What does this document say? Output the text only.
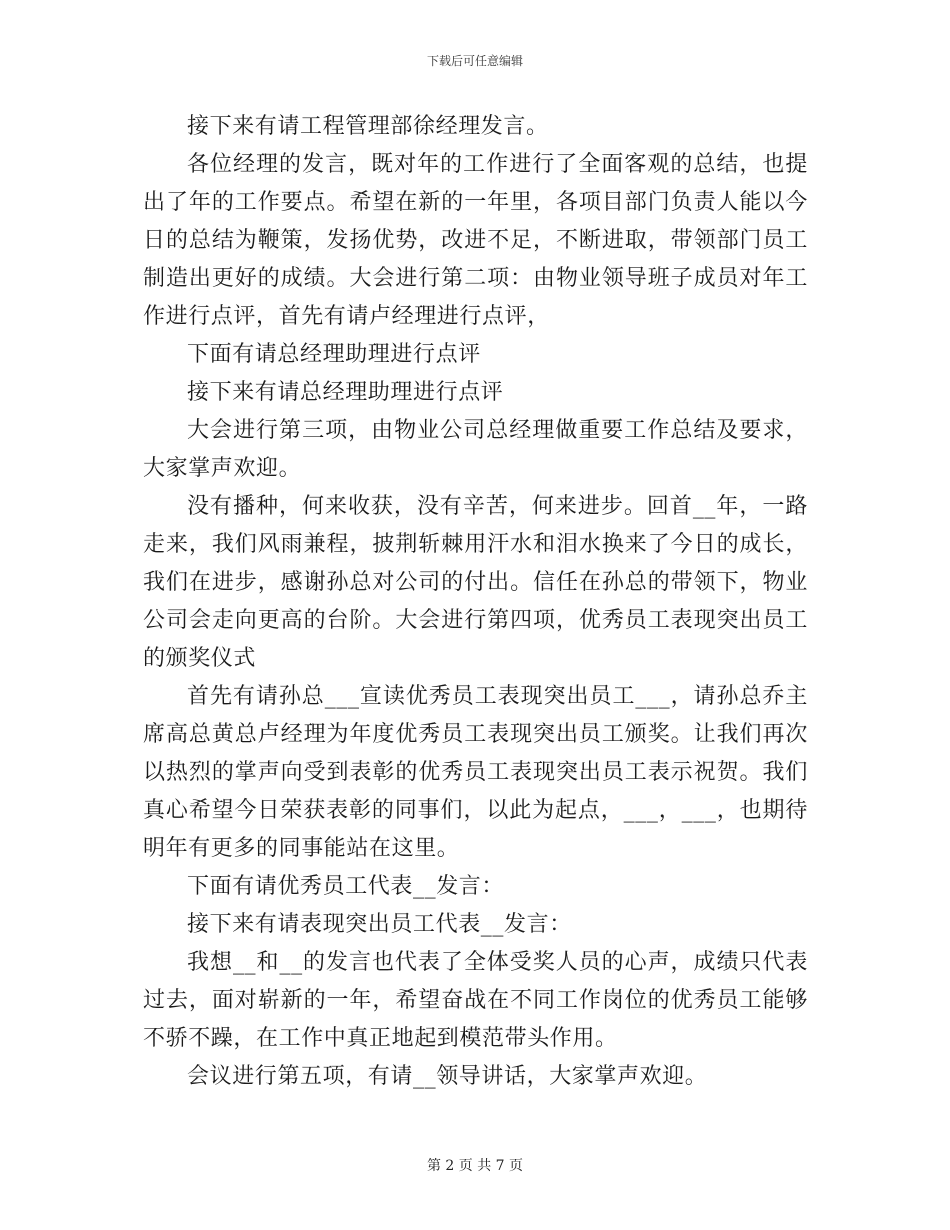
下载后可任意编辑

接下来有请工程管理部徐经理发言。

各位经理的发言，既对年的工作进行了全面客观的总结，也提出了年的工作要点。希望在新的一年里，各项目部门负责人能以今日的总结为鞭策，发扬优势，改进不足，不断进取，带领部门员工制造出更好的成绩。大会进行第二项：由物业领导班子成员对年工作进行点评，首先有请卢经理进行点评，

下面有请总经理助理进行点评

接下来有请总经理助理进行点评

大会进行第三项，由物业公司总经理做重要工作总结及要求，大家掌声欢迎。

没有播种，何来收获，没有辛苦，何来进步。回首__年，一路走来，我们风雨兼程，披荆斩棘用汗水和泪水换来了今日的成长，我们在进步，感谢孙总对公司的付出。信任在孙总的带领下，物业公司会走向更高的台阶。大会进行第四项，优秀员工表现突出员工的颁奖仪式

首先有请孙总___宣读优秀员工表现突出员工___，请孙总乔主席高总黄总卢经理为年度优秀员工表现突出员工颁奖。让我们再次以热烈的掌声向受到表彰的优秀员工表现突出员工表示祝贺。我们真心希望今日荣获表彰的同事们，以此为起点，___，___，也期待明年有更多的同事能站在这里。

下面有请优秀员工代表__发言：

接下来有请表现突出员工代表__发言：

我想__和__的发言也代表了全体受奖人员的心声，成绩只代表过去，面对崭新的一年，希望奋战在不同工作岗位的优秀员工能够不骄不躁，在工作中真正地起到模范带头作用。

会议进行第五项，有请__领导讲话，大家掌声欢迎。

第 2 页 共 7 页
